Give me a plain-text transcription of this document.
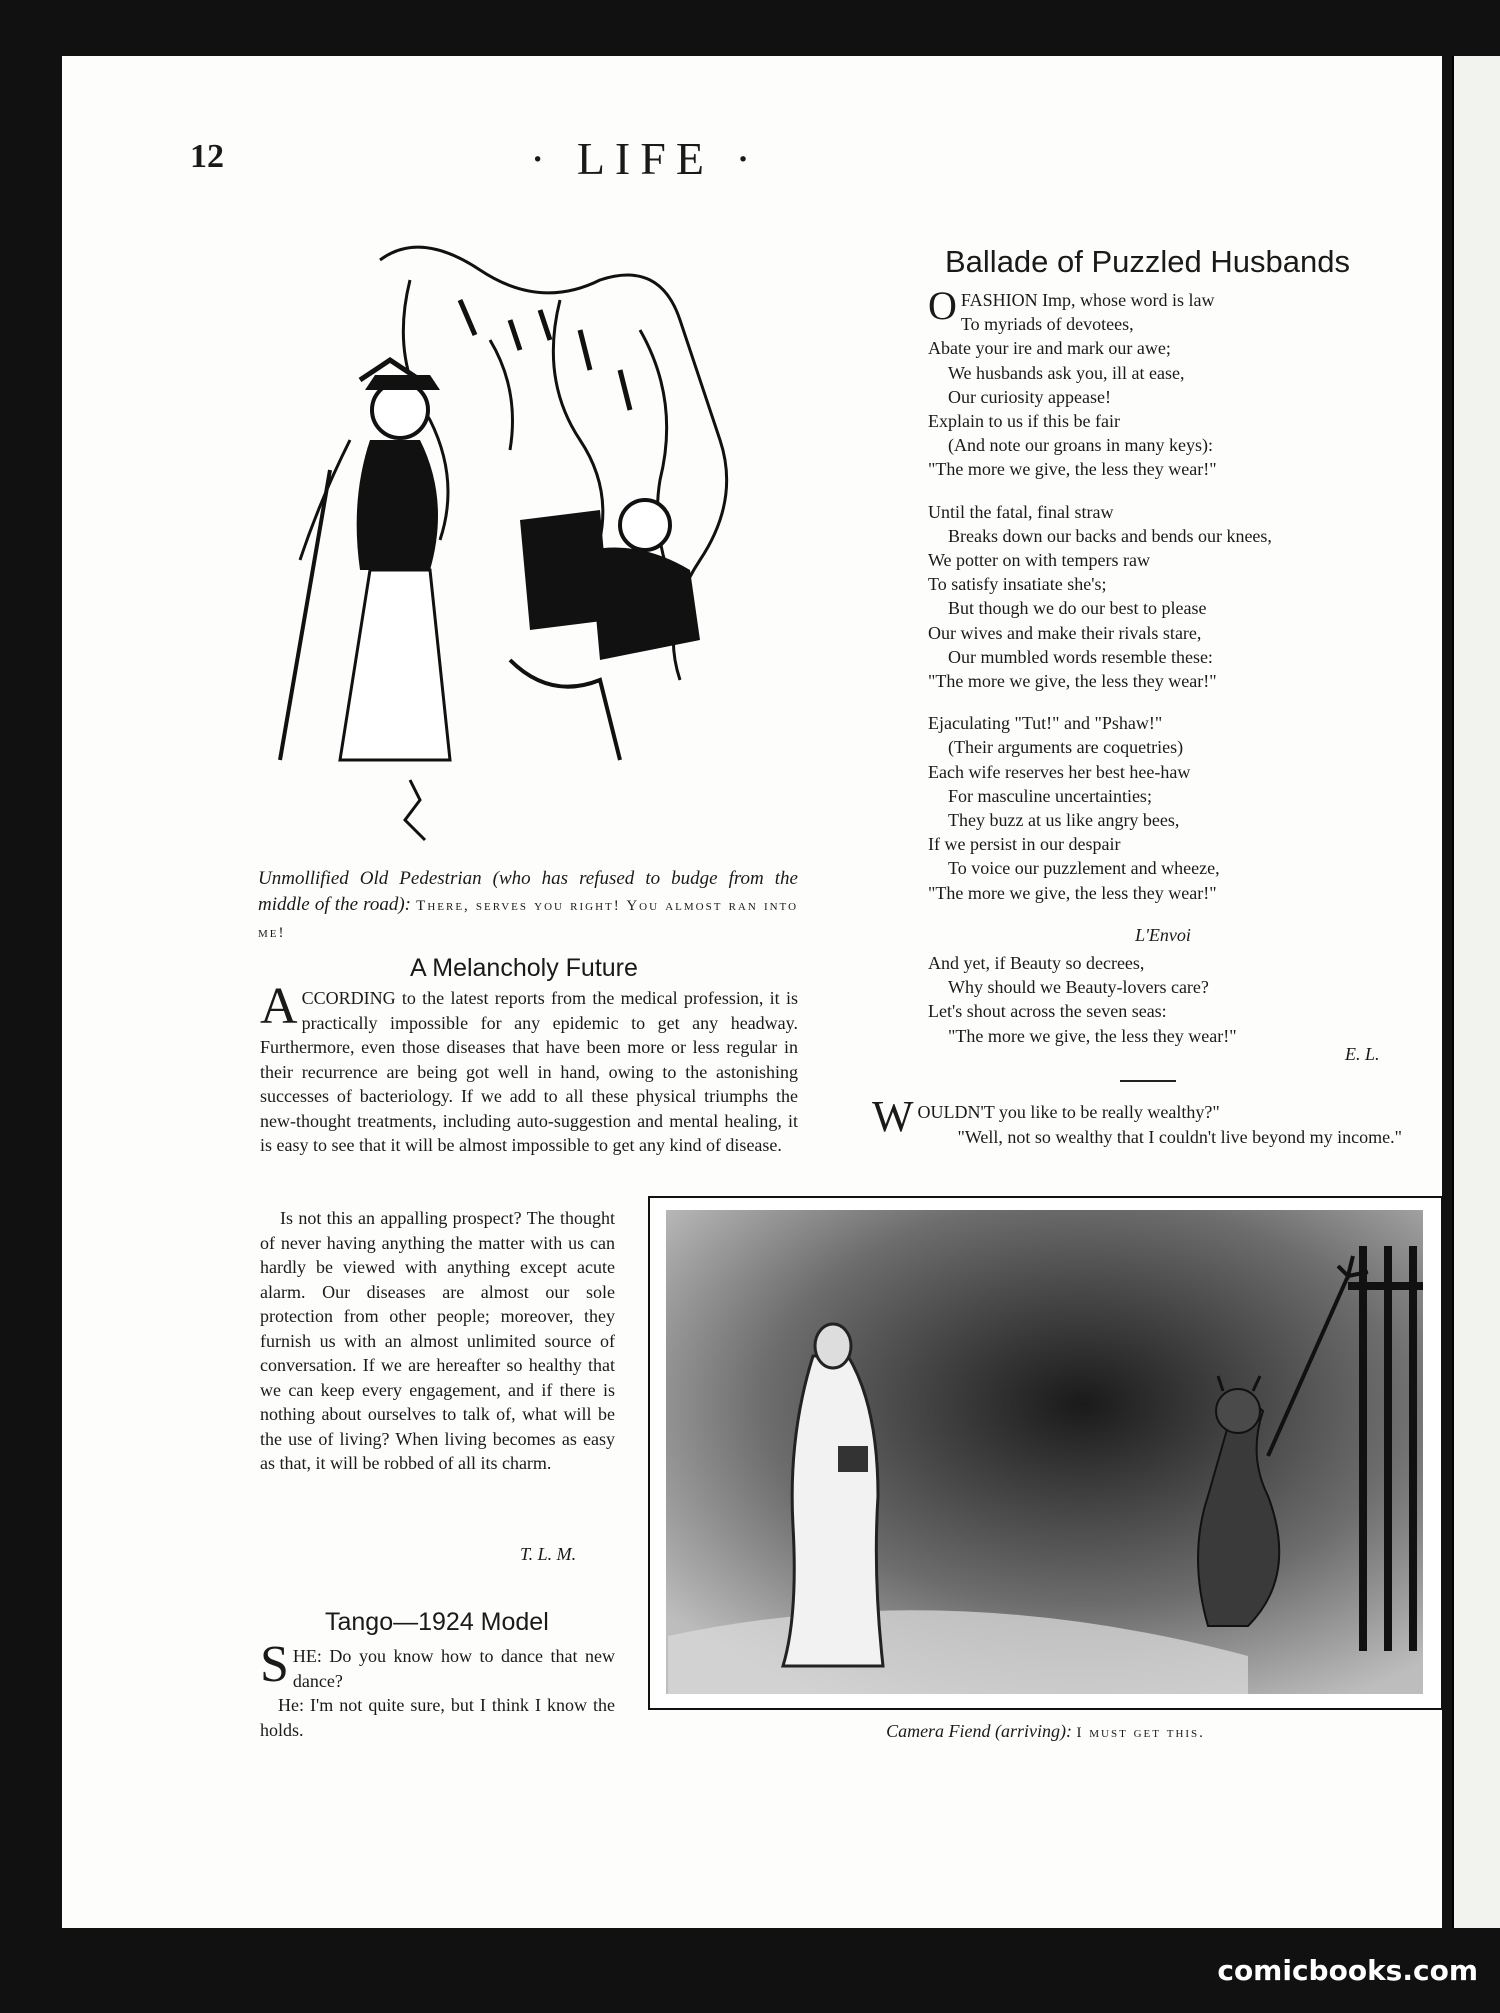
12	· LIFE ·
Unmollified Old Pedestrian (who has refused to budge from the middle of the road): There, serves you right! You almost ran into me!
A Melancholy Future
ACCORDING to the latest reports from the medical profession, it is practically impossible for any epidemic to get any headway. Furthermore, even those diseases that have been more or less regular in their recurrence are being got well in hand, owing to the astonishing successes of bacteriology. If we add to all these physical triumphs the new-thought treatments, including auto-suggestion and mental healing, it is easy to see that it will be almost impossible to get any kind of disease.
Is not this an appalling prospect? The thought of never having anything the matter with us can hardly be viewed with anything except acute alarm. Our diseases are almost our sole protection from other people; moreover, they furnish us with an almost unlimited source of conversation. If we are hereafter so healthy that we can keep every engagement, and if there is nothing about ourselves to talk of, what will be the use of living? When living becomes as easy as that, it will be robbed of all its charm.
T. L. M.
Tango—1924 Model
SHE: Do you know how to dance that new dance?
He: I'm not quite sure, but I think I know the holds.
Ballade of Puzzled Husbands
OFASHION Imp, whose word is law
To myriads of devotees,
Abate your ire and mark our awe;
We husbands ask you, ill at ease,
Our curiosity appease!
Explain to us if this be fair
(And note our groans in many keys):
"The more we give, the less they wear!"
Until the fatal, final straw
Breaks down our backs and bends our knees,
We potter on with tempers raw
To satisfy insatiate she's;
But though we do our best to please
Our wives and make their rivals stare,
Our mumbled words resemble these:
"The more we give, the less they wear!"
Ejaculating "Tut!" and "Pshaw!"
(Their arguments are coquetries)
Each wife reserves her best hee-haw
For masculine uncertainties;
They buzz at us like angry bees,
If we persist in our despair
To voice our puzzlement and wheeze,
"The more we give, the less they wear!"
L'Envoi
And yet, if Beauty so decrees,
Why should we Beauty-lovers care?
Let's shout across the seven seas:
"The more we give, the less they wear!"
E. L.
WOULDN'T you like to be really wealthy?"
"Well, not so wealthy that I couldn't live beyond my income."
Camera Fiend (arriving): I must get this.
comicbooks.com
